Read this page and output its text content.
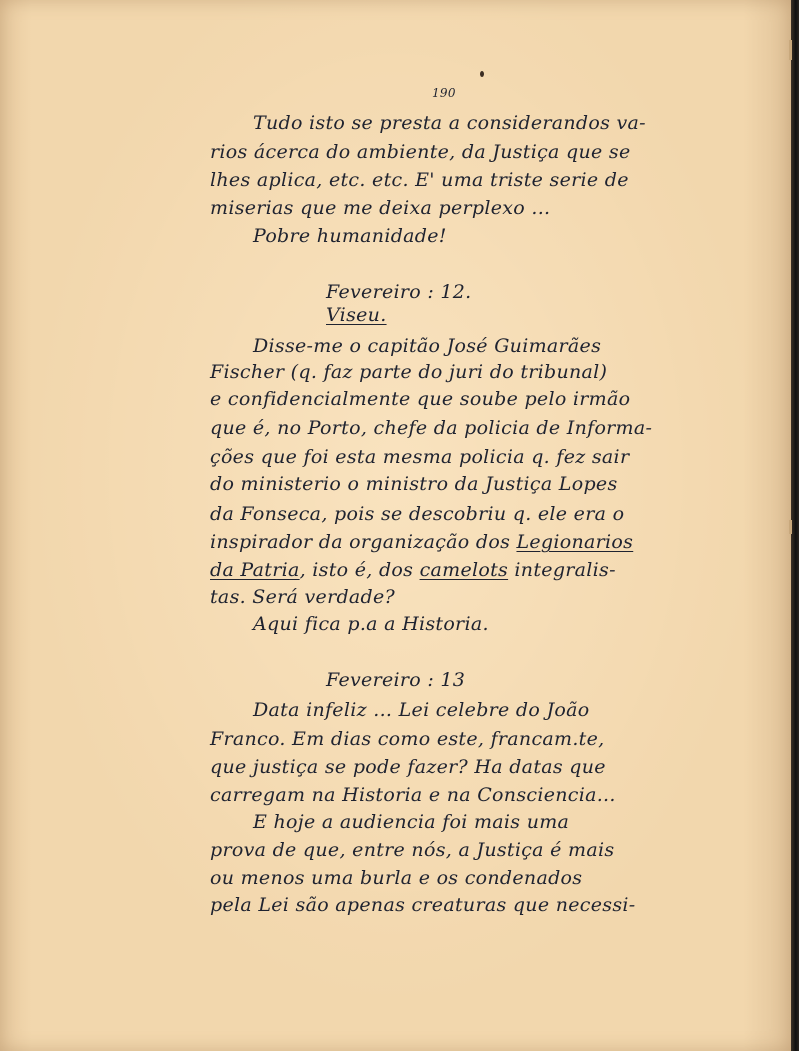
190
Tudo isto se presta a considerandos va-
rios ácerca do ambiente, da Justiça que se
lhes aplica, etc. etc. E' uma triste serie de
miserias que me deixa perplexo ...
Pobre humanidade!
Fevereiro : 12.
Viseu.
Disse-me o capitão José Guimarães
Fischer (q. faz parte do juri do tribunal)
e confidencialmente que soube pelo irmão
que é, no Porto, chefe da policia de Informa-
ções que foi esta mesma policia q. fez sair
do ministerio o ministro da Justiça Lopes
da Fonseca, pois se descobriu q. ele era o
inspirador da organização dos Legionarios
da Patria, isto é, dos camelots integralis-
tas. Será verdade?
Aqui fica p.a a Historia.
Fevereiro : 13
Data infeliz ... Lei celebre do João
Franco. Em dias como este, francam.te,
que justiça se pode fazer? Ha datas que
carregam na Historia e na Consciencia...
E hoje a audiencia foi mais uma
prova de que, entre nós, a Justiça é mais
ou menos uma burla e os condenados
pela Lei são apenas creaturas que necessi-
